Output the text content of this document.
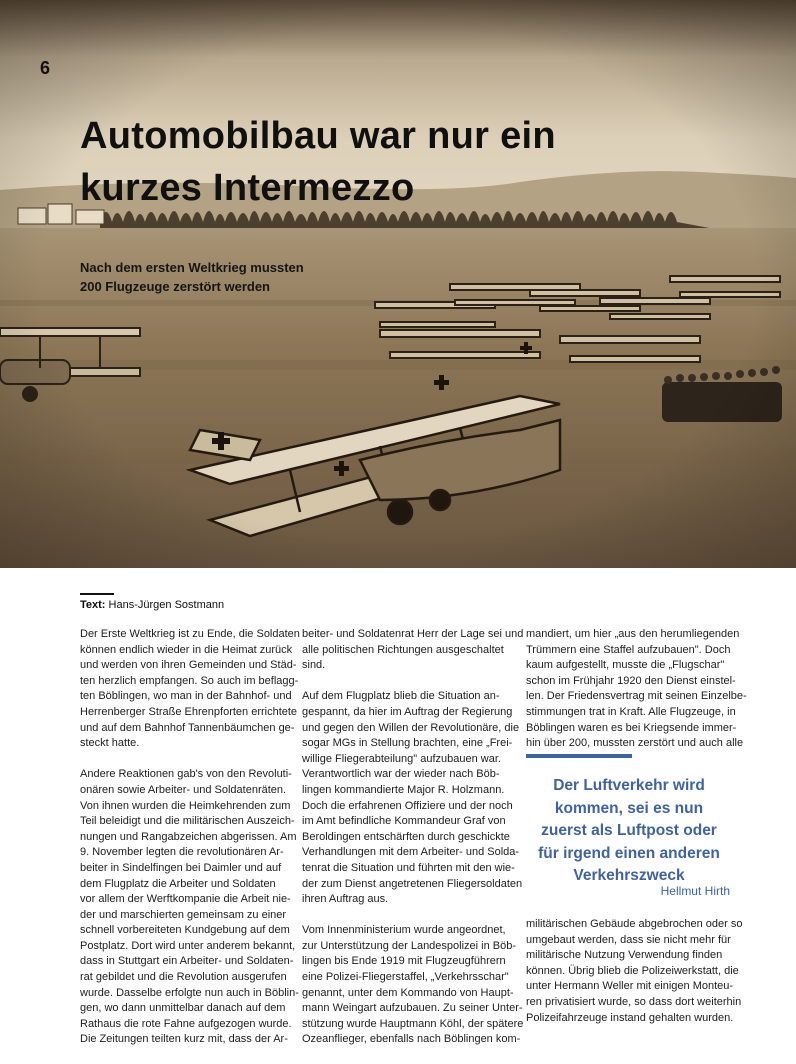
6
Automobilbau war nur ein
kurzes Intermezzo
Nach dem ersten Weltkrieg mussten
200 Flugzeuge zerstört werden
Text: Hans-Jürgen Sostmann

Der Erste Weltkrieg ist zu Ende, die Soldaten
können endlich wieder in die Heimat zurück
und werden von ihren Gemeinden und Städ-
ten herzlich empfangen. So auch im beflagg-
ten Böblingen, wo man in der Bahnhof- und
Herrenberger Straße Ehrenpforten errichtete
und auf dem Bahnhof Tannenbäumchen ge-
steckt hatte.

Andere Reaktionen gab's von den Revoluti-
onären sowie Arbeiter- und Soldatenräten.
Von ihnen wurden die Heimkehrenden zum
Teil beleidigt und die militärischen Auszeich-
nungen und Rangabzeichen abgerissen. Am
9. November legten die revolutionären Ar-
beiter in Sindelfingen bei Daimler und auf
dem Flugplatz die Arbeiter und Soldaten
vor allem der Werftkompanie die Arbeit nie-
der und marschierten gemeinsam zu einer
schnell vorbereiteten Kundgebung auf dem
Postplatz. Dort wird unter anderem bekannt,
dass in Stuttgart ein Arbeiter- und Soldaten-
rat gebildet und die Revolution ausgerufen
wurde. Dasselbe erfolgte nun auch in Böblin-
gen, wo dann unmittelbar danach auf dem
Rathaus die rote Fahne aufgezogen wurde.
Die Zeitungen teilten kurz mit, dass der Ar-

beiter- und Soldatenrat Herr der Lage sei und
alle politischen Richtungen ausgeschaltet
sind.

Auf dem Flugplatz blieb die Situation an-
gespannt, da hier im Auftrag der Regierung
und gegen den Willen der Revolutionäre, die
sogar MGs in Stellung brachten, eine „Frei-
willige Fliegerabteilung" aufzubauen war.
Verantwortlich war der wieder nach Böb-
lingen kommandierte Major R. Holzmann.
Doch die erfahrenen Offiziere und der noch
im Amt befindliche Kommandeur Graf von
Beroldingen entschärften durch geschickte
Verhandlungen mit dem Arbeiter- und Solda-
tenrat die Situation und führten mit den wie-
der zum Dienst angetretenen Fliegersoldaten
ihren Auftrag aus.

Vom Innenministerium wurde angeordnet,
zur Unterstützung der Landespolizei in Böb-
lingen bis Ende 1919 mit Flugzeugführern
eine Polizei-Fliegerstaffel, „Verkehrsschar"
genannt, unter dem Kommando von Haupt-
mann Weingart aufzubauen. Zu seiner Unter-
stützung wurde Hauptmann Köhl, der spätere
Ozeanflieger, ebenfalls nach Böblingen kom-

mandiert, um hier „aus den herumliegenden
Trümmern eine Staffel aufzubauen". Doch
kaum aufgestellt, musste die „Flugschar"
schon im Frühjahr 1920 den Dienst einstel-
len. Der Friedensvertrag mit seinen Einzelbe-
stimmungen trat in Kraft. Alle Flugzeuge, in
Böblingen waren es bei Kriegsende immer-
hin über 200, mussten zerstört und auch alle

Der Luftverkehr wird
kommen, sei es nun
zuerst als Luftpost oder
für irgend einen anderen
Verkehrszweck
Hellmut Hirth

militärischen Gebäude abgebrochen oder so
umgebaut werden, dass sie nicht mehr für
militärische Nutzung Verwendung finden
können. Übrig blieb die Polizeiwerkstatt, die
unter Hermann Weller mit einigen Monteu-
ren privatisiert wurde, so dass dort weiterhin
Polizeifahrzeuge instand gehalten wurden.
